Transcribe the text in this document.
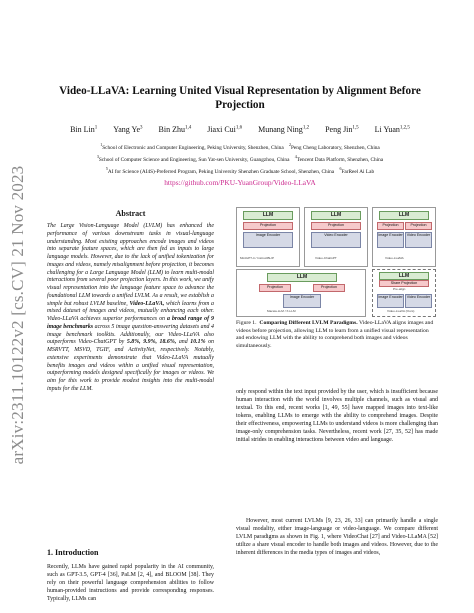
arXiv:2311.10122v2 [cs.CV] 21 Nov 2023
Video-LLaVA: Learning United Visual Representation by Alignment Before Projection
Bin Lin$^1$ Yang Ye$^3$ Bin Zhu$^{1,4}$ Jiaxi Cui$^{1,6}$ Munang Ning$^{1,2}$ Peng Jin$^{1,5}$ Li Yuan$^{1,2,5}$
$^1$School of Electronic and Computer Engineering, Peking University, Shenzhen, China    $^2$Peng Cheng Laboratory, Shenzhen, China
$^3$School of Computer Science and Engineering, Sun Yat-sen University, Guangzhou, China    $^4$Tencent Data Platform, Shenzhen, China
$^5$AI for Science (AI4S)-Preferred Program, Peking University Shenzhen Graduate School, Shenzhen, China    $^6$FarReel Ai Lab
https://github.com/PKU-YuanGroup/Video-LLaVA
Abstract
The Large Vision-Language Model (LVLM) has enhanced the performance of various downstream tasks in visual-language understanding. Most existing approaches encode images and videos into separate feature spaces, which are then fed as inputs to large language models. However, due to the lack of unified tokenization for images and videos, namely misalignment before projection, it becomes challenging for a Large Language Model (LLM) to learn multi-modal interactions from several poor projection layers. In this work, we unify visual representation into the language feature space to advance the foundational LLM towards a unified LVLM. As a result, we establish a simple but robust LVLM baseline, Video-LLaVA, which learns from a mixed dataset of images and videos, mutually enhancing each other. Video-LLaVA achieves superior performances on a broad range of 9 image benchmarks across 5 image question-answering datasets and 4 image benchmark toolkits. Additionally, our Video-LLaVA also outperforms Video-ChatGPT by 5.8%, 9.9%, 18.6%, and 10.1% on MSRVTT, MSVD, TGIF, and ActivityNet, respectively. Notably, extensive experiments demonstrate that Video-LLaVA mutually benefits images and videos within a unified visual representation, outperforming models designed specifically for images or videos. We aim for this work to provide modest insights into the multi-modal inputs for the LLM.
1. Introduction
Recently, LLMs have gained rapid popularity in the AI community, such as GPT-3.5, GPT-4 [36], PaLM [2, 4], and BLOOM [38]. They rely on their powerful language comprehension abilities to follow human-provided instructions and provide corresponding responses. Typically, LLMs can
LLM
Projection
Image Encoder
MiniGPT-4 / InstructBLIP
LLM
Projection
Video Encoder
Video-ChatGPT
LLM
Projection	Projection
Image Encoder	Video Encoder
Video-LLaMA
LLM
Projection	Projection
Image Encoder
Macaw-LLM / X-LLM
LLM
Share Projection
Pre-align
Image Encoder	Video Encoder
Video-LLaVA (Ours)
Figure 1. Comparing Different LVLM Paradigms. Video-LLaVA aligns images and videos before projection, allowing LLM to learn from a unified visual representation and endowing LLM with the ability to comprehend both images and videos simultaneously.
only respond within the text input provided by the user, which is insufficient because human interaction with the world involves multiple channels, such as visual and textual. To this end, recent works [1, 49, 55] have mapped images into text-like tokens, enabling LLMs to emerge with the ability to comprehend images. Despite their effectiveness, empowering LLMs to understand videos is more challenging than image-only comprehension tasks. Nevertheless, recent work [27, 35, 52] has made initial strides in enabling interactions between video and language.
However, most current LVLMs [9, 23, 26, 33] can primarily handle a single visual modality, either image-language or video-language. We compare different LVLM paradigms as shown in Fig. 1, where VideoChat [27] and Video-LLaMA [52] utilize a share visual encoder to handle both images and videos. However, due to the inherent differences in the media types of images and videos,
